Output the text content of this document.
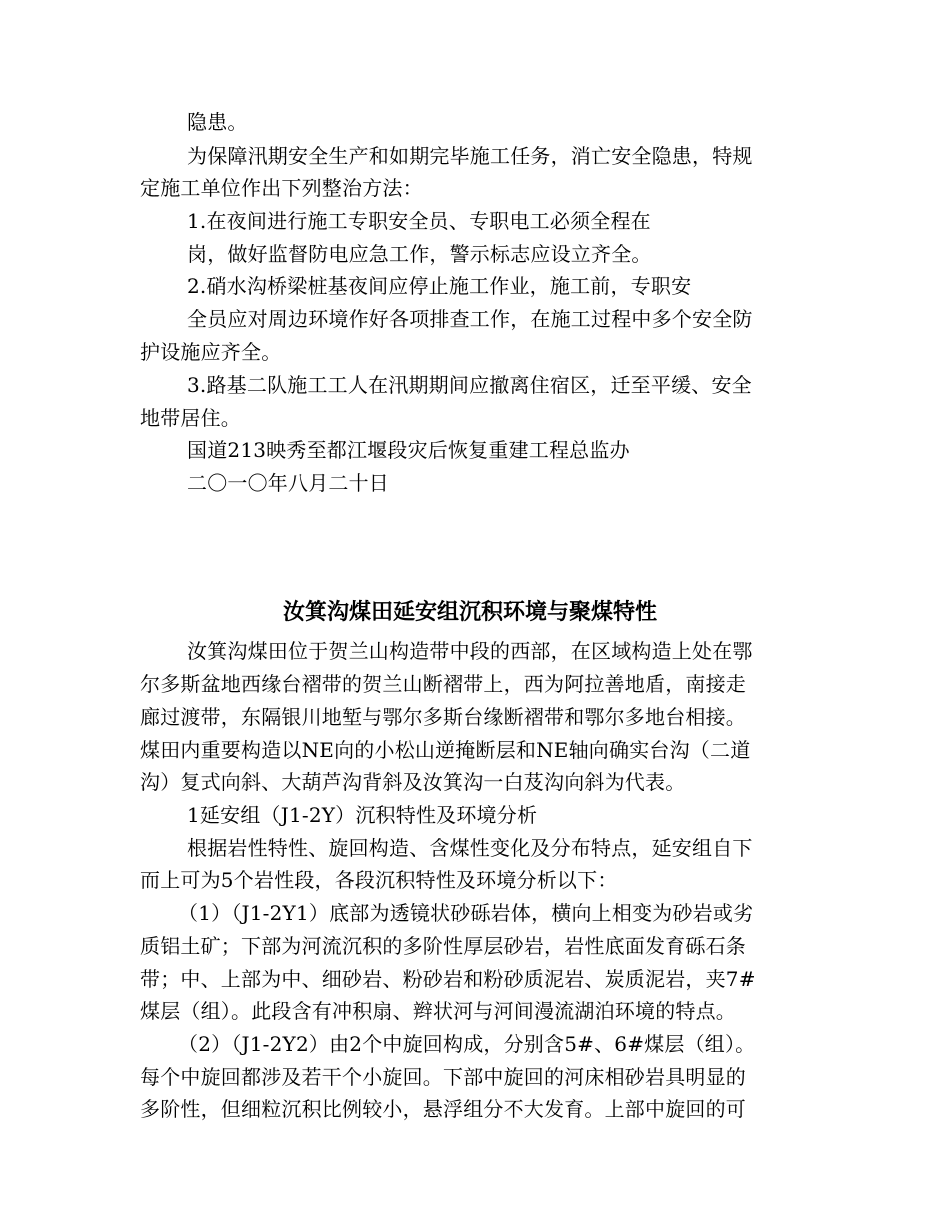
隐患。
为保障汛期安全生产和如期完毕施工任务，消亡安全隐患，特规
定施工单位作出下列整治方法：
1.在夜间进行施工专职安全员、专职电工必须全程在
岗，做好监督防电应急工作，警示标志应设立齐全。
2.硝水沟桥梁桩基夜间应停止施工作业，施工前，专职安
全员应对周边环境作好各项排查工作，在施工过程中多个安全防
护设施应齐全。
3.路基二队施工工人在汛期期间应撤离住宿区，迁至平缓、安全
地带居住。
国道213映秀至都江堰段灾后恢复重建工程总监办
二〇一〇年八月二十日
汝箕沟煤田延安组沉积环境与聚煤特性
汝箕沟煤田位于贺兰山构造带中段的西部，在区域构造上处在鄂
尔多斯盆地西缘台褶带的贺兰山断褶带上，西为阿拉善地盾，南接走
廊过渡带，东隔银川地堑与鄂尔多斯台缘断褶带和鄂尔多地台相接。
煤田内重要构造以NE向的小松山逆掩断层和NE轴向确实台沟（二道
沟）复式向斜、大葫芦沟背斜及汝箕沟一白芨沟向斜为代表。
1延安组（J1-2Y）沉积特性及环境分析
根据岩性特性、旋回构造、含煤性变化及分布特点，延安组自下
而上可为5个岩性段，各段沉积特性及环境分析以下：
（1）（J1-2Y1）底部为透镜状砂砾岩体，横向上相变为砂岩或劣
质铝土矿；下部为河流沉积的多阶性厚层砂岩，岩性底面发育砾石条
带；中、上部为中、细砂岩、粉砂岩和粉砂质泥岩、炭质泥岩，夹7#
煤层（组）。此段含有冲积扇、辫状河与河间漫流湖泊环境的特点。
（2）（J1-2Y2）由2个中旋回构成，分别含5#、6#煤层（组）。
每个中旋回都涉及若干个小旋回。下部中旋回的河床相砂岩具明显的
多阶性，但细粒沉积比例较小，悬浮组分不大发育。上部中旋回的可
